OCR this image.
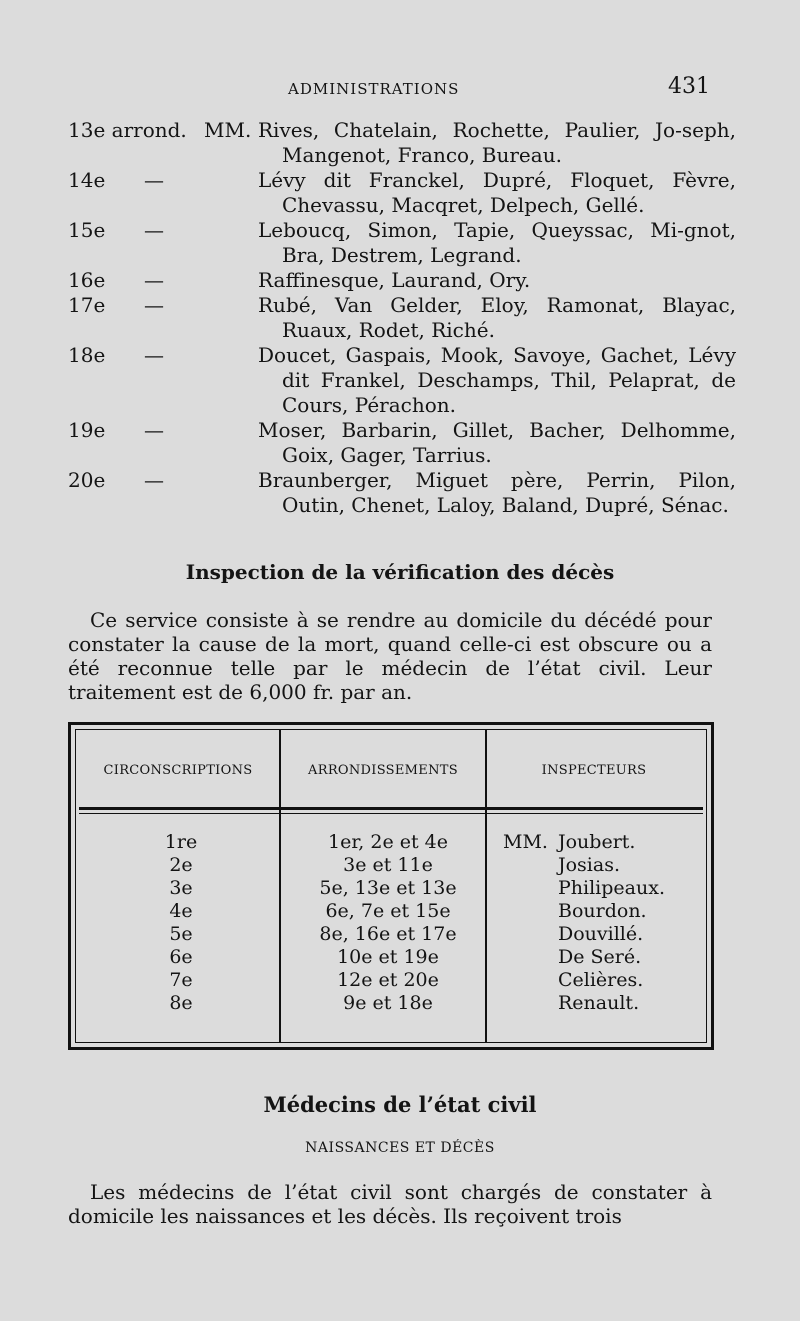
ADMINISTRATIONS	431
13e arrond. MM. Rives, Chatelain, Rochette, Paulier, Jo-seph, Mangenot, Franco, Bureau.
14e —	Lévy dit Franckel, Dupré, Floquet, Fèvre, Chevassu, Macqret, Delpech, Gellé.
15e —	Leboucq, Simon, Tapie, Queyssac, Mi-gnot, Bra, Destrem, Legrand.
16e —	Raffinesque, Laurand, Ory.
17e —	Rubé, Van Gelder, Eloy, Ramonat, Blayac, Ruaux, Rodet, Riché.
18e —	Doucet, Gaspais, Mook, Savoye, Gachet, Lévy dit Frankel, Deschamps, Thil, Pelaprat, de Cours, Pérachon.
19e —	Moser, Barbarin, Gillet, Bacher, Delhomme, Goix, Gager, Tarrius.
20e —	Braunberger, Miguet père, Perrin, Pilon, Outin, Chenet, Laloy, Baland, Dupré, Sénac.
Inspection de la vérification des décès

Ce service consiste à se rendre au domicile du décédé pour constater la cause de la mort, quand celle-ci est obscure ou a été reconnue telle par le médecin de l’état civil. Leur traitement est de 6,000 fr. par an.

CIRCONSCRIPTIONS	ARRONDISSEMENTS	INSPECTEURS
1re	1er, 2e et 4e	MM. Joubert.
2e	3e et 11e	Josias.
3e	5e, 13e et 13e	Philipeaux.
4e	6e, 7e et 15e	Bourdon.
5e	8e, 16e et 17e	Douvillé.
6e	10e et 19e	De Seré.
7e	12e et 20e	Celières.
8e	9e et 18e	Renault.
Médecins de l’état civil

NAISSANCES ET DÉCÈS

Les médecins de l’état civil sont chargés de constater à domicile les naissances et les décès. Ils reçoivent trois
